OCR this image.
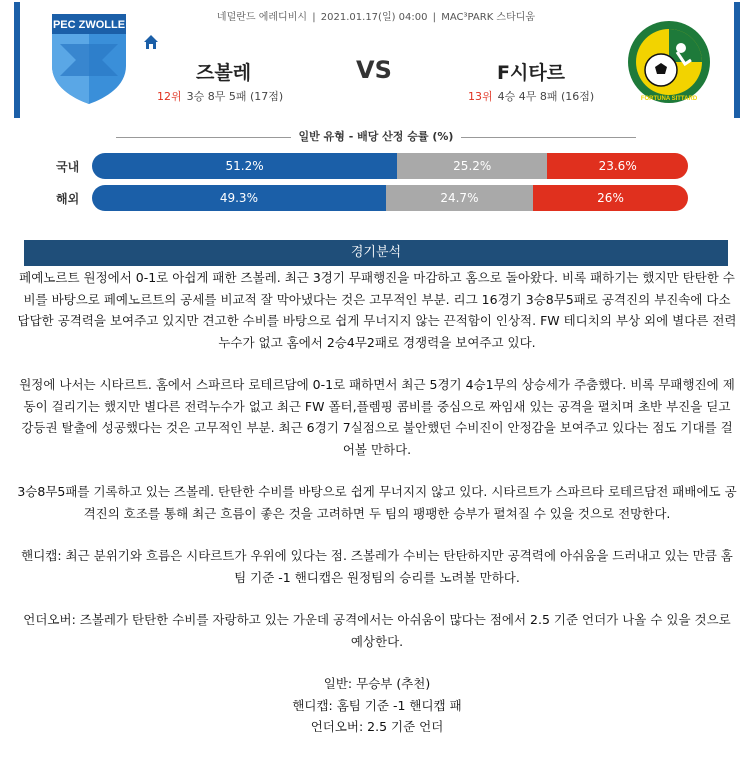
네덜란드 에레디비시 | 2021.01.17(일) 04:00 | MAC³PARK 스타디움
PEC ZWOLLE
즈볼레	VS	F시타르
12위 3승 8무 5패 (17점)	13위 4승 4무 8패 (16점)	FORTUNA SITTARD
일반 유형 - 배당 산정 승률 (%)
국내	51.2%	25.2%	23.6%
해외	49.3%	24.7%	26%
경기분석

페예노르트 원정에서 0-1로 아쉽게 패한 즈볼레. 최근 3경기 무패행진을 마감하고 홈으로 돌아왔다. 비록 패하기는 했지만 탄탄한 수비를 바탕으로 페예노르트의 공세를 비교적 잘 막아냈다는 것은 고무적인 부분. 리그 16경기 3승8무5패로 공격진의 부진속에 다소 답답한 공격력을 보여주고 있지만 견고한 수비를 바탕으로 쉽게 무너지지 않는 끈적함이 인상적. FW 테디치의 부상 외에 별다른 전력누수가 없고 홈에서 2승4무2패로 경쟁력을 보여주고 있다.

원정에 나서는 시타르트. 홈에서 스파르타 로테르담에 0-1로 패하면서 최근 5경기 4승1무의 상승세가 주춤했다. 비록 무패행진에 제동이 걸리기는 했지만 별다른 전력누수가 없고 최근 FW 폴터,플렘핑 콤비를 중심으로 짜임새 있는 공격을 펼치며 초반 부진을 딛고 강등권 탈출에 성공했다는 것은 고무적인 부분. 최근 6경기 7실점으로 불안했던 수비진이 안정감을 보여주고 있다는 점도 기대를 걸어볼 만하다.

3승8무5패를 기록하고 있는 즈볼레. 탄탄한 수비를 바탕으로 쉽게 무너지지 않고 있다. 시타르트가 스파르타 로테르담전 패배에도 공격진의 호조를 통해 최근 흐름이 좋은 것을 고려하면 두 팀의 팽팽한 승부가 펼쳐질 수 있을 것으로 전망한다.

핸디캡: 최근 분위기와 흐름은 시타르트가 우위에 있다는 점. 즈볼레가 수비는 탄탄하지만 공격력에 아쉬움을 드러내고 있는 만큼 홈팀 기준 -1 핸디캡은 원정팀의 승리를 노려볼 만하다.

언더오버: 즈볼레가 탄탄한 수비를 자랑하고 있는 가운데 공격에서는 아쉬움이 많다는 점에서 2.5 기준 언더가 나올 수 있을 것으로 예상한다.

일반: 무승부 (추천)

핸디캡: 홈팀 기준 -1 핸디캡 패

언더오버: 2.5 기준 언더
